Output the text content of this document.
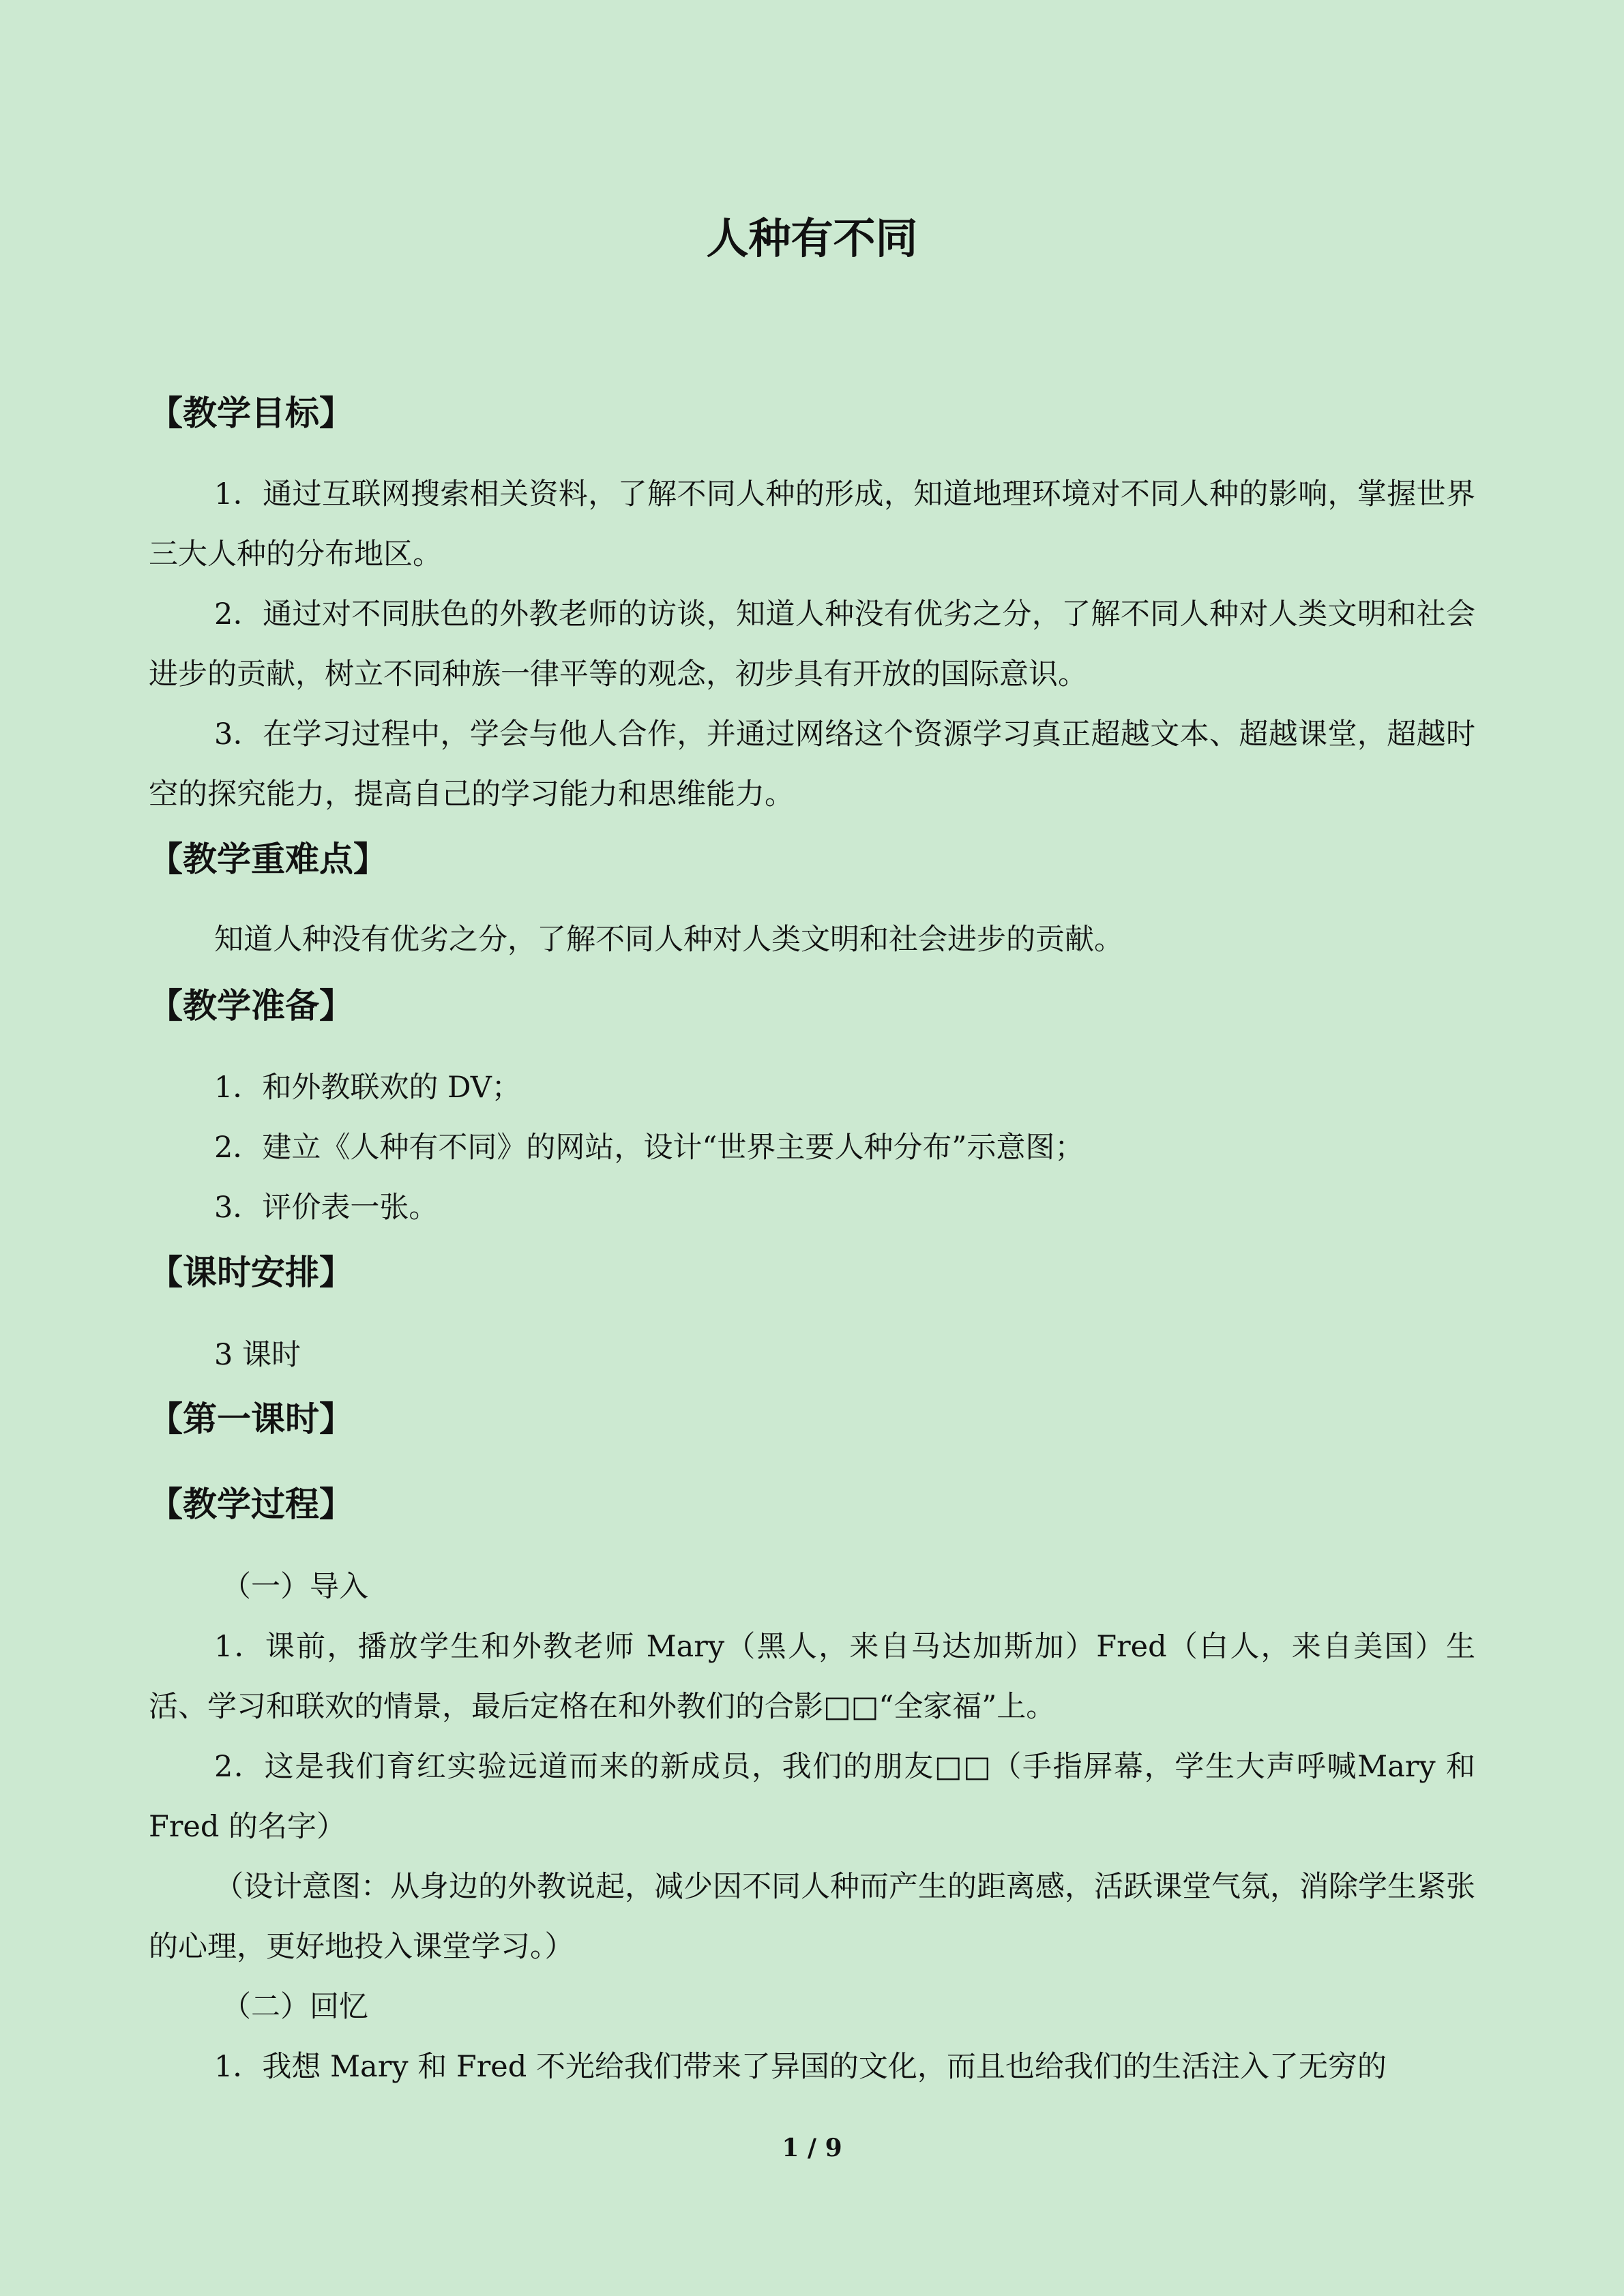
人种有不同
【教学目标】

1．通过互联网搜索相关资料，了解不同人种的形成，知道地理环境对不同人种的影响，掌握世界三大人种的分布地区。

2．通过对不同肤色的外教老师的访谈，知道人种没有优劣之分，了解不同人种对人类文明和社会进步的贡献，树立不同种族一律平等的观念，初步具有开放的国际意识。

3．在学习过程中，学会与他人合作，并通过网络这个资源学习真正超越文本、超越课堂，超越时空的探究能力，提高自己的学习能力和思维能力。

【教学重难点】

知道人种没有优劣之分，了解不同人种对人类文明和社会进步的贡献。

【教学准备】

1．和外教联欢的 DV；

2．建立《人种有不同》的网站，设计“世界主要人种分布”示意图；

3．评价表一张。

【课时安排】

3 课时

【第一课时】
【教学过程】

（一）导入

1．课前，播放学生和外教老师 Mary（黑人，来自马达加斯加）Fred（白人，来自美国）生活、学习和联欢的情景，最后定格在和外教们的合影□□“全家福”上。

2．这是我们育红实验远道而来的新成员，我们的朋友□□（手指屏幕，学生大声呼喊Mary 和 Fred 的名字）

（设计意图：从身边的外教说起，减少因不同人种而产生的距离感，活跃课堂气氛，消除学生紧张的心理，更好地投入课堂学习。）

（二）回忆

1．我想 Mary 和 Fred 不光给我们带来了异国的文化，而且也给我们的生活注入了无穷的

1 / 9
